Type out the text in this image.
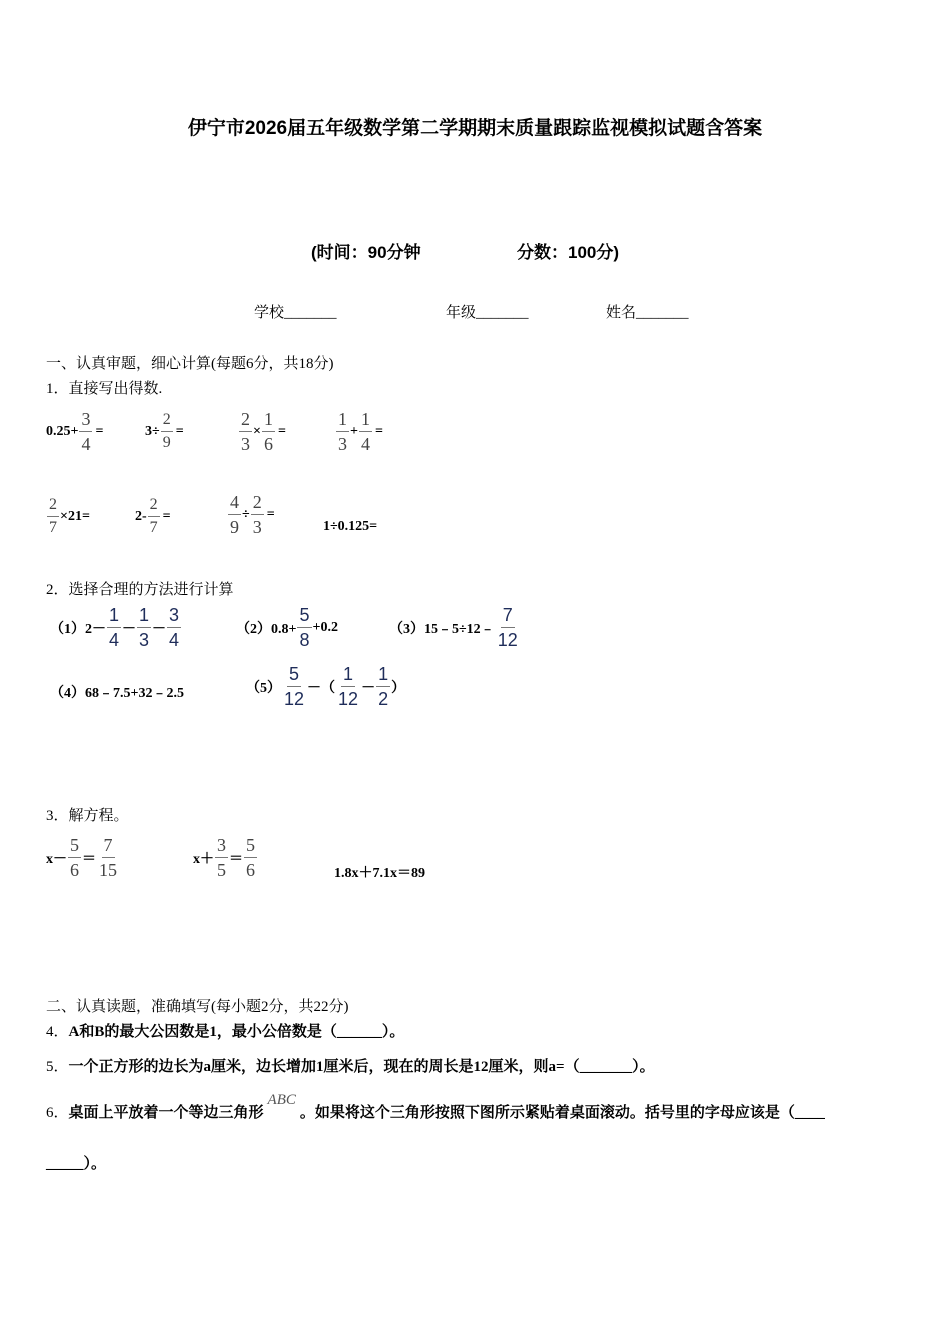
伊宁市2026届五年级数学第二学期期末质量跟踪监视模拟试题含答案
(时间：90分钟	分数：100分)
学校_______	年级_______	姓名_______
一、认真审题，细心计算(每题6分，共18分)
1．直接写出得数.
$0.25+ \frac{3}{4}$ =	$3\div \frac{2}{9}$ =	$\frac{2}{3} \times \frac{1}{6}$ =	$\frac{1}{3} + \frac{1}{4}$ =
$\frac{2}{7} \times 21=$	$2- \frac{2}{7}$ =	$\frac{4}{9} \div \frac{2}{3}$ =
1÷0.125=
2．选择合理的方法进行计算
$(1)2- \frac{1}{4} - \frac{1}{3} - \frac{3}{4}$	$(2)0.8+ \frac{5}{8} +0.2$	（3）15﹣5÷12﹣ $\frac{7}{12}$
（4）68﹣7.5+32﹣2.5	$(5) \frac{5}{12}$ －（ $\frac{1}{12} - \frac{1}{2}$ ）
3．解方程。
$x- \frac{5}{6} = \frac{7}{15}$	$x+ \frac{3}{5} = \frac{5}{6}$	1.8x＋7.1x＝89
二、认真读题，准确填写(每小题2分，共22分)
4．A和B的最大公因数是1，最小公倍数是（______）。
5．一个正方形的边长为a厘米，边长增加1厘米后，现在的周长是12厘米，则a=（_______）。
6．桌面上平放着一个等边三角形ABC。如果将这个三角形按照下图所示紧贴着桌面滚动。括号里的字母应该是（____
_____）。
